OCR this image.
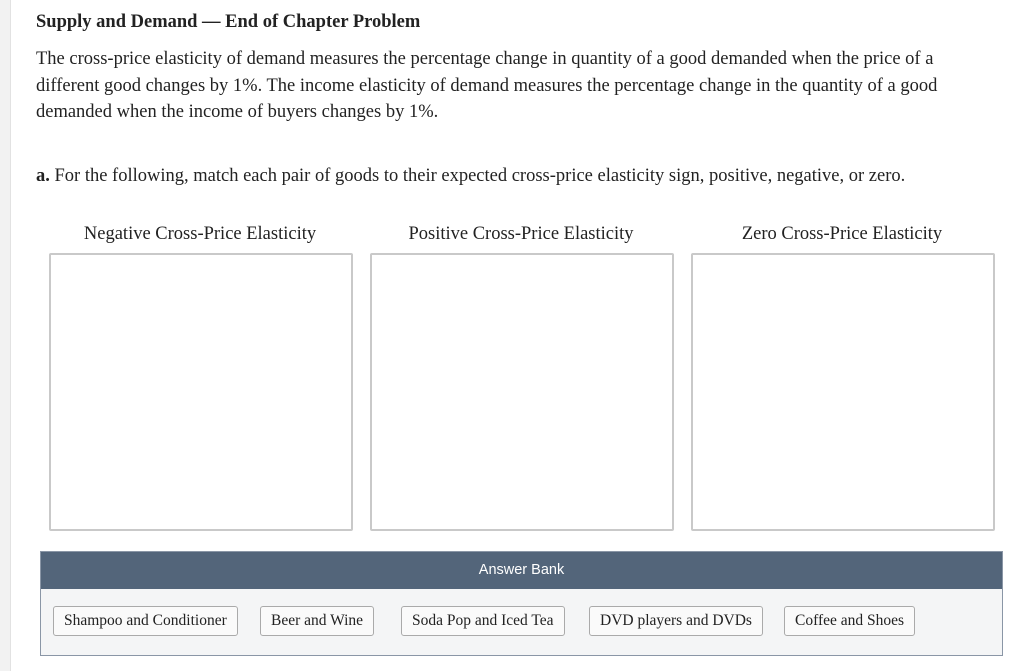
Supply and Demand — End of Chapter Problem

The cross-price elasticity of demand measures the percentage change in quantity of a good demanded when the price of a different good changes by 1%. The income elasticity of demand measures the percentage change in the quantity of a good demanded when the income of buyers changes by 1%.

a. For the following, match each pair of goods to their expected cross-price elasticity sign, positive, negative, or zero.

Negative Cross-Price Elasticity	Positive Cross-Price Elasticity	Zero Cross-Price Elasticity
Answer Bank
Shampoo and Conditioner	Beer and Wine	Soda Pop and Iced Tea	DVD players and DVDs	Coffee and Shoes
